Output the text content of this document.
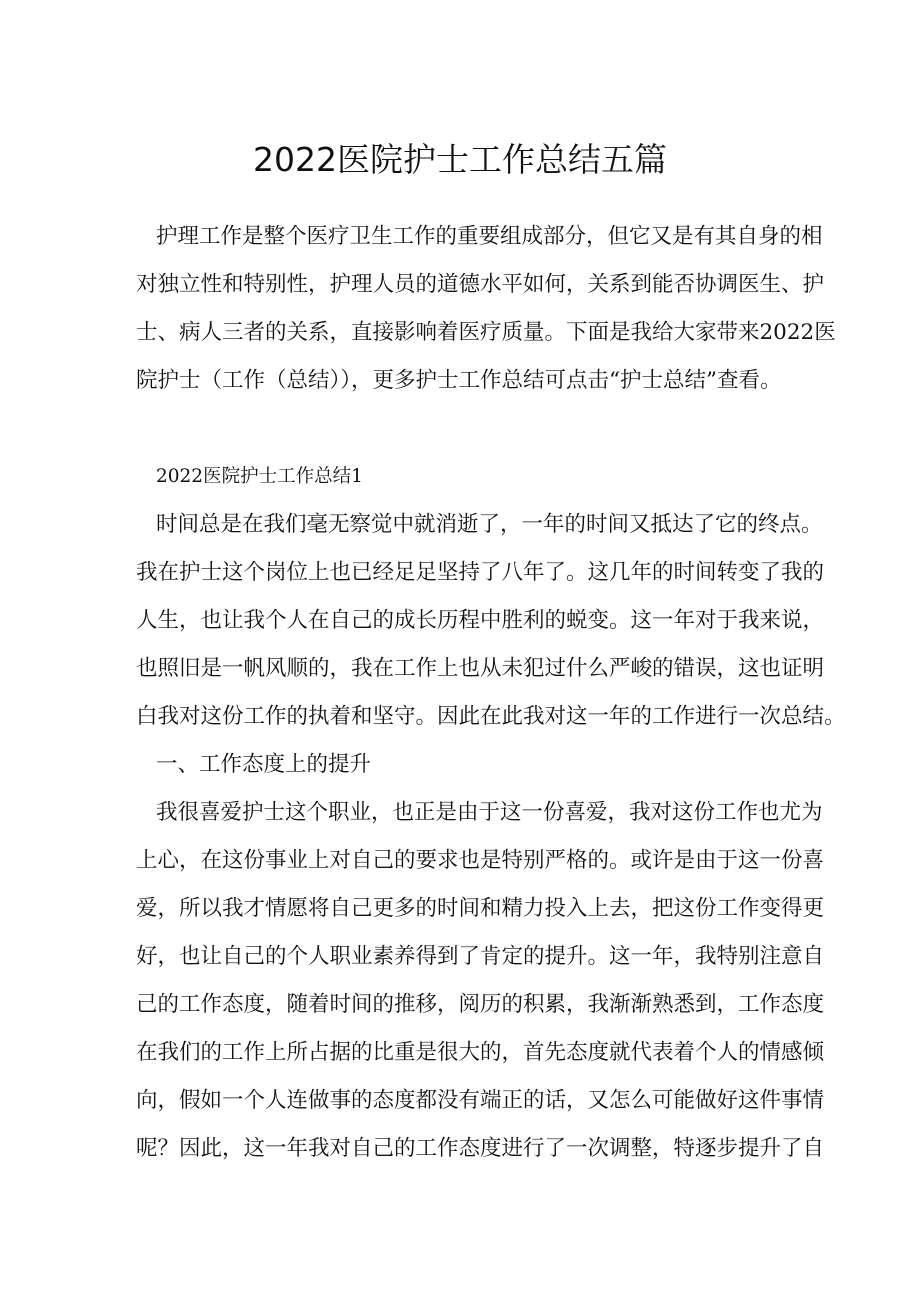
2022医院护士工作总结五篇

护理工作是整个医疗卫生工作的重要组成部分，但它又是有其自身的相

对独立性和特别性，护理人员的道德水平如何，关系到能否协调医生、护

士、病人三者的关系，直接影响着医疗质量。下面是我给大家带来2022医

院护士（工作（总结）），更多护士工作总结可点击“护士总结”查看。

2022医院护士工作总结1

时间总是在我们毫无察觉中就消逝了，一年的时间又抵达了它的终点。

我在护士这个岗位上也已经足足坚持了八年了。这几年的时间转变了我的

人生，也让我个人在自己的成长历程中胜利的蜕变。这一年对于我来说，

也照旧是一帆风顺的，我在工作上也从未犯过什么严峻的错误，这也证明

白我对这份工作的执着和坚守。因此在此我对这一年的工作进行一次总结。

一、工作态度上的提升

我很喜爱护士这个职业，也正是由于这一份喜爱，我对这份工作也尤为

上心，在这份事业上对自己的要求也是特别严格的。或许是由于这一份喜

爱，所以我才情愿将自己更多的时间和精力投入上去，把这份工作变得更

好，也让自己的个人职业素养得到了肯定的提升。这一年，我特别注意自

己的工作态度，随着时间的推移，阅历的积累，我渐渐熟悉到，工作态度

在我们的工作上所占据的比重是很大的，首先态度就代表着个人的情感倾

向，假如一个人连做事的态度都没有端正的话，又怎么可能做好这件事情

呢？因此，这一年我对自己的工作态度进行了一次调整，特逐步提升了自
